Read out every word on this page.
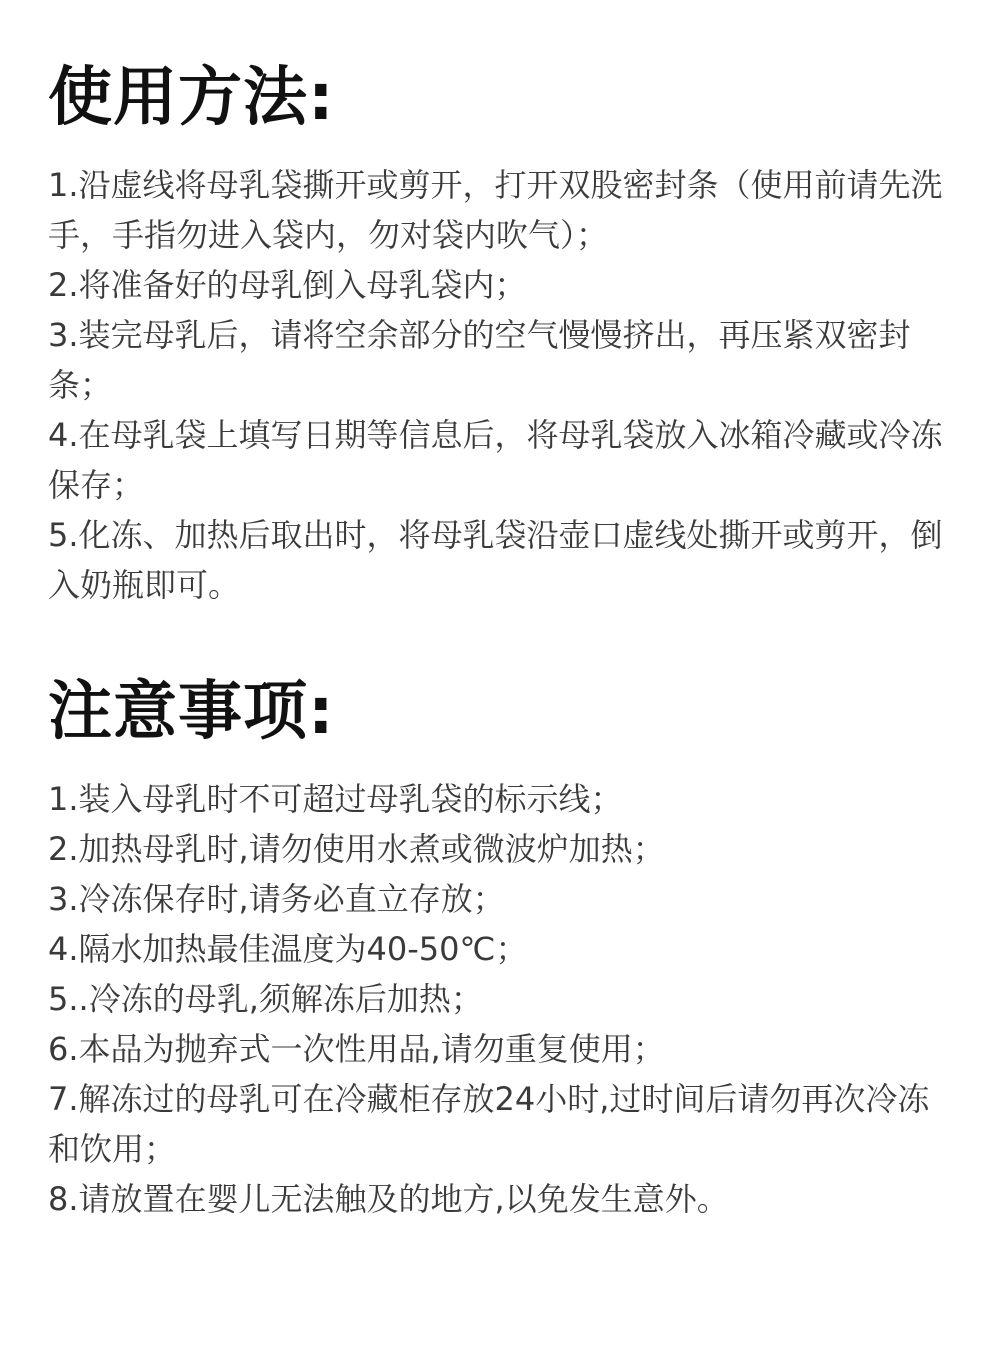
使用方法:

1.沿虚线将母乳袋撕开或剪开，打开双股密封条（使用前请先洗手，手指勿进入袋内，勿对袋内吹气）；

2.将准备好的母乳倒入母乳袋内；

3.装完母乳后，请将空余部分的空气慢慢挤出，再压紧双密封条；

4.在母乳袋上填写日期等信息后，将母乳袋放入冰箱冷藏或冷冻保存；

5.化冻、加热后取出时，将母乳袋沿壶口虚线处撕开或剪开，倒入奶瓶即可。

注意事项:

1.装入母乳时不可超过母乳袋的标示线；

2.加热母乳时,请勿使用水煮或微波炉加热；

3.冷冻保存时,请务必直立存放；

4.隔水加热最佳温度为40-50℃；

5..冷冻的母乳,须解冻后加热；

6.本品为抛弃式一次性用品,请勿重复使用；

7.解冻过的母乳可在冷藏柜存放24小时,过时间后请勿再次冷冻和饮用；

8.请放置在婴儿无法触及的地方,以免发生意外。
